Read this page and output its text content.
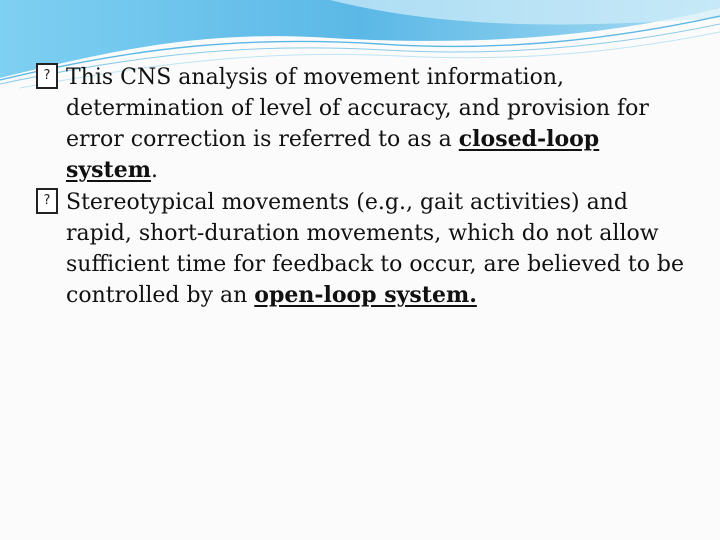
?
This CNS analysis of movement information, determination of level of accuracy, and provision for error correction is referred to as a closed-loop system.

?
Stereotypical movements (e.g., gait activities) and rapid, short-duration movements, which do not allow sufficient time for feedback to occur, are believed to be controlled by an open-loop system.
